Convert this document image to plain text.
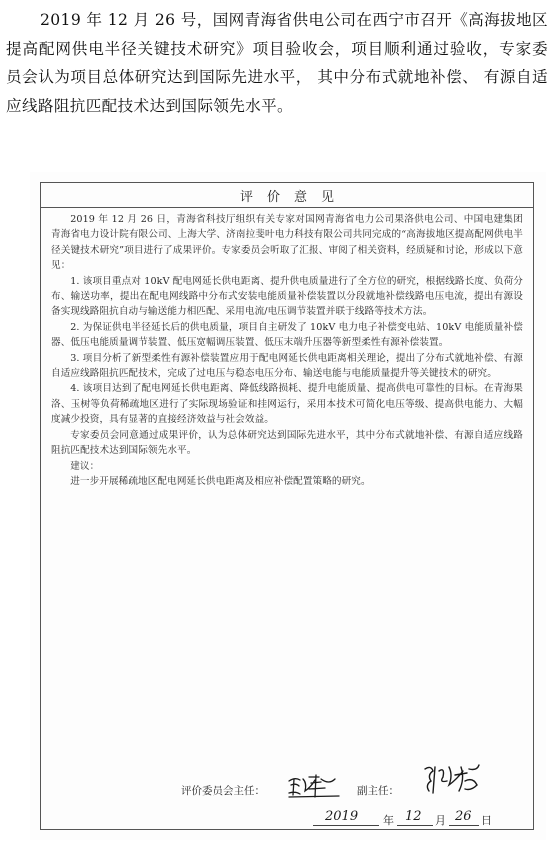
2019 年 12 月 26 号，国网青海省供电公司在西宁市召开《高海拔地区提高配网供电半径关键技术研究》项目验收会，项目顺利通过验收，专家委员会认为项目总体研究达到国际先进水平， 其中分布式就地补偿、 有源自适应线路阻抗匹配技术达到国际领先水平。

评价意见

2019 年 12 月 26 日，青海省科技厅组织有关专家对国网青海省电力公司果洛供电公司、中国电建集团青海省电力设计院有限公司、上海大学、济南拉斐叶电力科技有限公司共同完成的“高海拔地区提高配网供电半径关键技术研究”项目进行了成果评价。专家委员会听取了汇报、审阅了相关资料，经质疑和讨论，形成以下意见：

1. 该项目重点对 10kV 配电网延长供电距离、提升供电质量进行了全方位的研究，根据线路长度、负荷分布、输送功率，提出在配电网线路中分布式安装电能质量补偿装置以分段就地补偿线路电压电流，提出有源设备实现线路阻抗自动与输送能力相匹配、采用电流/电压调节装置并联于线路等技术方法。

2. 为保证供电半径延长后的供电质量，项目自主研发了 10kV 电力电子补偿变电站、10kV 电能质量补偿器、低压电能质量调节装置、低压宽幅调压装置、低压末端升压器等新型柔性有源补偿装置。

3. 项目分析了新型柔性有源补偿装置应用于配电网延长供电距离相关理论，提出了分布式就地补偿、有源自适应线路阻抗匹配技术，完成了过电压与稳态电压分布、输送电能与电能质量提升等关键技术的研究。

4. 该项目达到了配电网延长供电距离、降低线路损耗、提升电能质量、提高供电可靠性的目标。在青海果洛、玉树等负荷稀疏地区进行了实际现场验证和挂网运行，采用本技术可简化电压等级、提高供电能力、大幅度减少投资，具有显著的直接经济效益与社会效益。

专家委员会同意通过成果评价，认为总体研究达到国际先进水平，其中分布式就地补偿、有源自适应线路阻抗匹配技术达到国际领先水平。

建议：

进一步开展稀疏地区配电网延长供电距离及相应补偿配置策略的研究。

评价委员会主任：	副主任：
2019 年 12 月 26 日
